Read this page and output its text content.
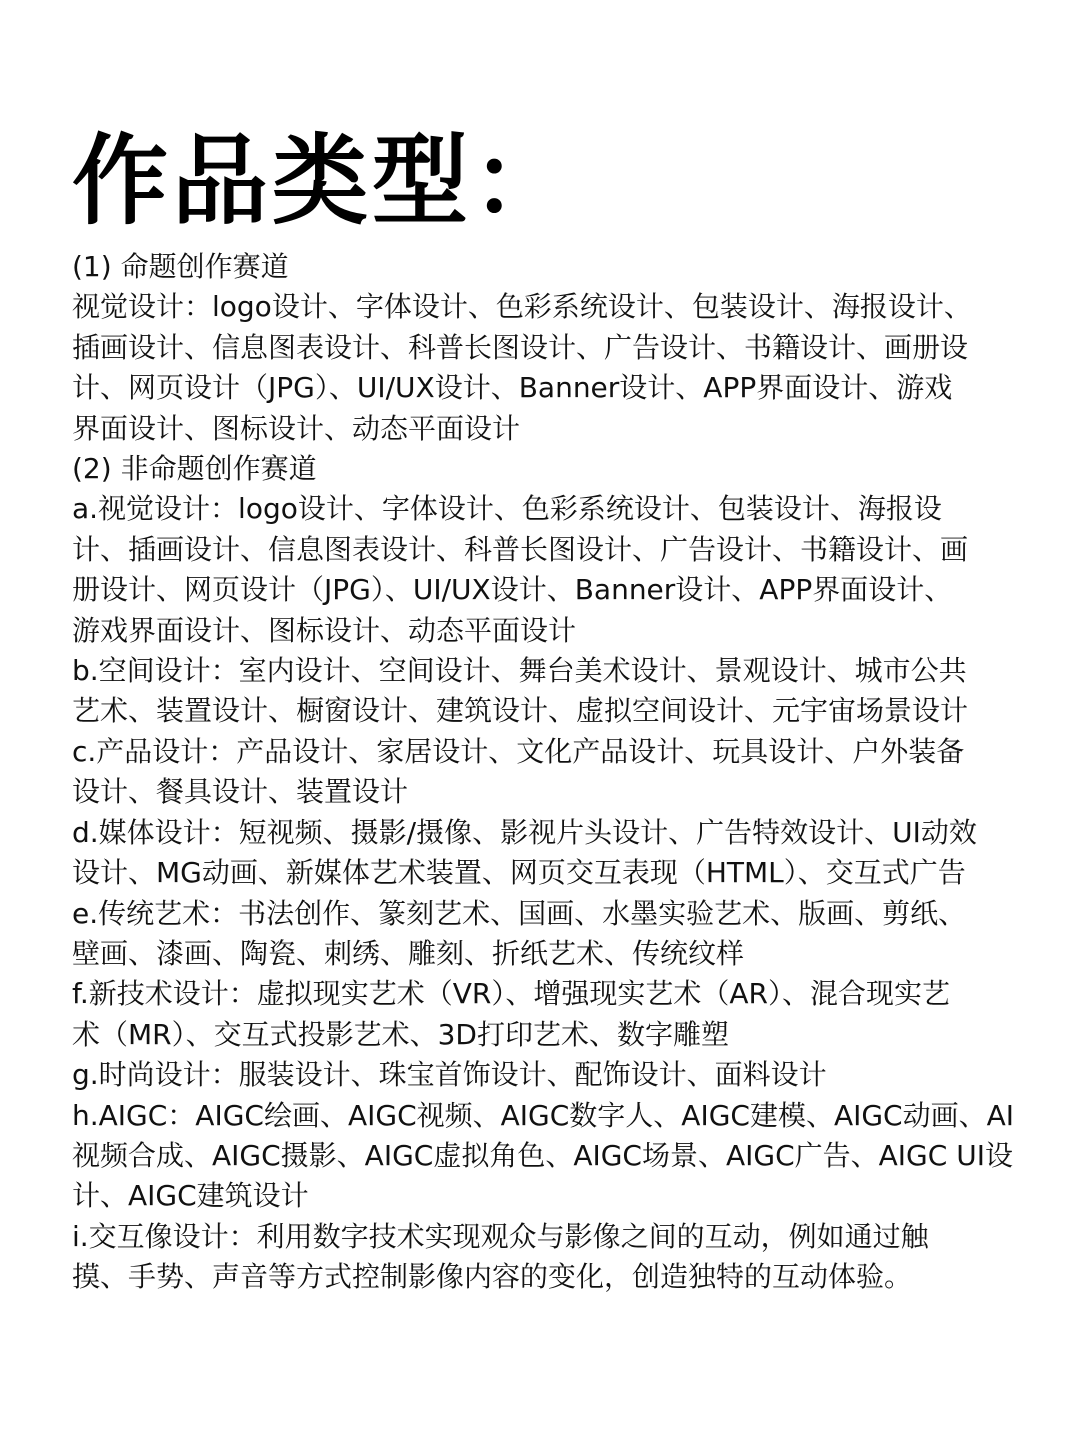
作品类型：

(1) 命题创作赛道

视觉设计：logo设计、字体设计、色彩系统设计、包装设计、海报设计、

插画设计、信息图表设计、科普长图设计、广告设计、书籍设计、画册设

计、网页设计（JPG）、UI/UX设计、Banner设计、APP界面设计、游戏

界面设计、图标设计、动态平面设计

(2) 非命题创作赛道

a.视觉设计：logo设计、字体设计、色彩系统设计、包装设计、海报设

计、插画设计、信息图表设计、科普长图设计、广告设计、书籍设计、画

册设计、网页设计（JPG）、UI/UX设计、Banner设计、APP界面设计、

游戏界面设计、图标设计、动态平面设计

b.空间设计：室内设计、空间设计、舞台美术设计、景观设计、城市公共

艺术、装置设计、橱窗设计、建筑设计、虚拟空间设计、元宇宙场景设计

c.产品设计：产品设计、家居设计、文化产品设计、玩具设计、户外装备

设计、餐具设计、装置设计

d.媒体设计：短视频、摄影/摄像、影视片头设计、广告特效设计、UI动效

设计、MG动画、新媒体艺术装置、网页交互表现（HTML）、交互式广告

e.传统艺术：书法创作、篆刻艺术、国画、水墨实验艺术、版画、剪纸、

壁画、漆画、陶瓷、刺绣、雕刻、折纸艺术、传统纹样

f.新技术设计：虚拟现实艺术（VR）、增强现实艺术（AR）、混合现实艺

术（MR）、交互式投影艺术、3D打印艺术、数字雕塑

g.时尚设计：服装设计、珠宝首饰设计、配饰设计、面料设计

h.AIGC：AIGC绘画、AIGC视频、AIGC数字人、AIGC建模、AIGC动画、AI

视频合成、AIGC摄影、AIGC虚拟角色、AIGC场景、AIGC广告、AIGC UI设

计、AIGC建筑设计

i.交互像设计：利用数字技术实现观众与影像之间的互动，例如通过触

摸、手势、声音等方式控制影像内容的变化，创造独特的互动体验。
